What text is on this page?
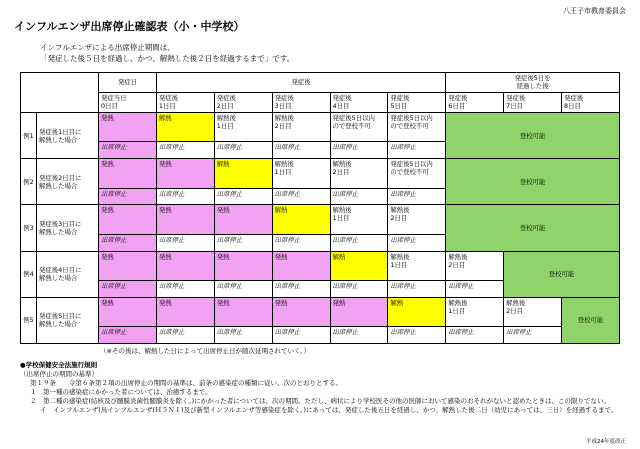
八王子市教育委員会
インフルエンザ出席停止確認表（小・中学校）
インフルエンザによる出席停止期間は、
「発症した後５日を経過し、かつ、解熱した後２日を経過するまで」です。
		発症日	発症後					発症後5日を
経過した後		
		発症当日
0日目	発症後
1日目	発症後
2日目	発症後
3日目	発症後
4日目	発症後
5日目	発症後
6日目	発症後
7日目	発症後
8日目
例1	発症後1日目に
解熱した場合	発熱	解熱	解熱後
1日目	解熱後
2日目	発症後5日以内
ので登校不可	発症後5日以内
ので登校不可	登校可能		
		出席停止	出席停止	出席停止	出席停止	出席停止	出席停止			
例2	発症後2日目に
解熱した場合	発熱	発熱	解熱	解熱後
1日目	解熱後
2日目	発症後5日以内
ので登校不可	登校可能		
		出席停止	出席停止	出席停止	出席停止	出席停止	出席停止			
例3	発症後3日目に
解熱した場合	発熱	発熱	発熱	解熱	解熱後
1日目	解熱後
2日目	登校可能		
		出席停止	出席停止	出席停止	出席停止	出席停止	出席停止			
例4	発症後4日目に
解熱した場合	発熱	発熱	発熱	発熱	解熱	解熱後
1日目	解熱後
2日目	登校可能	
		出席停止	出席停止	出席停止	出席停止	出席停止	出席停止	出席停止		
例5	発症後5日目に
解熱した場合	発熱	発熱	発熱	発熱	発熱	解熱	解熱後
1日目	解熱後
2日目	登校可能
		出席停止	出席停止	出席停止	出席停止	出席停止	出席停止	出席停止	出席停止	
（※その後は、解熱した日によって出席停止日が随次延期されていく。）
●学校保健安全法施行規則
（出席停止の期間の基準）
第１９条　　令第６条第２項の出席停止の期間の基準は、前条の感染症の種類に従い、次のとおりとする。
１　第一種の感染症にかかった者については、治癒するまで。
２　第二種の感染症(結核及び髄膜炎菌性髄膜炎を除く。)にかかった者については、次の期間。ただし、病状により学校医その他の医師において感染のおそれがないと認めたときは、この限りでない。
イ　インフルエンザ(鳥インフルエンザ(Ｈ５Ｎ１)及び新型インフルエンザ等感染症を除く。)にあっては、発症した後五日を経過し、かつ、解熱した後二日（幼児にあっては、三日）を経過するまで。
平成24年度改正
